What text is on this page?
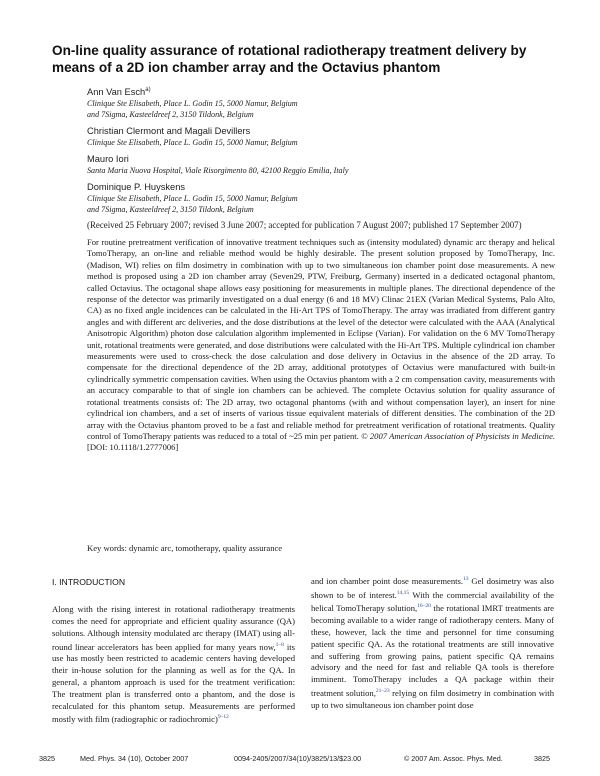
On-line quality assurance of rotational radiotherapy treatment delivery by means of a 2D ion chamber array and the Octavius phantom
Ann Van Esch$^{a)}$
Clinique Ste Elisabeth, Place L. Godin 15, 5000 Namur, Belgium
and 7Sigma, Kasteeldreef 2, 3150 Tildonk, Belgium
Christian Clermont and Magali Devillers
Clinique Ste Elisabeth, Place L. Godin 15, 5000 Namur, Belgium
Mauro Iori
Santa Maria Nuova Hospital, Viale Risorgimento 80, 42100 Reggio Emilia, Italy
Dominique P. Huyskens
Clinique Ste Elisabeth, Place L. Godin 15, 5000 Namur, Belgium
and 7Sigma, Kasteeldreef 2, 3150 Tildonk, Belgium
(Received 25 February 2007; revised 3 June 2007; accepted for publication 7 August 2007; published 17 September 2007)
For routine pretreatment verification of innovative treatment techniques such as (intensity modulated) dynamic arc therapy and helical TomoTherapy, an on-line and reliable method would be highly desirable. The present solution proposed by TomoTherapy, Inc. (Madison, WI) relies on film dosimetry in combination with up to two simultaneous ion chamber point dose measurements. A new method is proposed using a 2D ion chamber array (Seven29, PTW, Freiburg, Germany) inserted in a dedicated octagonal phantom, called Octavius. The octagonal shape allows easy positioning for measurements in multiple planes. The directional dependence of the response of the detector was primarily investigated on a dual energy (6 and 18 MV) Clinac 21EX (Varian Medical Systems, Palo Alto, CA) as no fixed angle incidences can be calculated in the Hi-Art TPS of TomoTherapy. The array was irradiated from different gantry angles and with different arc deliveries, and the dose distributions at the level of the detector were calculated with the AAA (Analytical Anisotropic Algorithm) photon dose calculation algorithm implemented in Eclipse (Varian). For validation on the 6 MV TomoTherapy unit, rotational treatments were generated, and dose distributions were calculated with the Hi-Art TPS. Multiple cylindrical ion chamber measurements were used to cross-check the dose calculation and dose delivery in Octavius in the absence of the 2D array. To compensate for the directional dependence of the 2D array, additional prototypes of Octavius were manufactured with built-in cylindrically symmetric compensation cavities. When using the Octavius phantom with a 2 cm compensation cavity, measurements with an accuracy comparable to that of single ion chambers can be achieved. The complete Octavius solution for quality assurance of rotational treatments consists of: The 2D array, two octagonal phantoms (with and without compensation layer), an insert for nine cylindrical ion chambers, and a set of inserts of various tissue equivalent materials of different densities. The combination of the 2D array with the Octavius phantom proved to be a fast and reliable method for pretreatment verification of rotational treatments. Quality control of TomoTherapy patients was reduced to a total of ~25 min per patient. © 2007 American Association of Physicists in Medicine. [DOI: 10.1118/1.2777006]
Key words: dynamic arc, tomotherapy, quality assurance
I. INTRODUCTION
Along with the rising interest in rotational radiotherapy treatments comes the need for appropriate and efficient quality assurance (QA) solutions. Although intensity modulated arc therapy (IMAT) using all-round linear accelerators has been applied for many years now,$^{1-8}$ its use has mostly been restricted to academic centers having developed their in-house solution for the planning as well as for the QA. In general, a phantom approach is used for the treatment verification: The treatment plan is transferred onto a phantom, and the dose is recalculated for this phantom setup. Measurements are performed mostly with film (radiographic or radiochromic)$^{9-12}$
and ion chamber point dose measurements.$^{13}$ Gel dosimetry was also shown to be of interest.$^{14,15}$ With the commercial availability of the helical TomoTherapy solution,$^{16-20}$ the rotational IMRT treatments are becoming available to a wider range of radiotherapy centers. Many of these, however, lack the time and personnel for time consuming patient specific QA. As the rotational treatments are still innovative and suffering from growing pains, patient specific QA remains advisory and the need for fast and reliable QA tools is therefore imminent. TomoTherapy includes a QA package within their treatment solution,$^{21-23}$ relying on film dosimetry in combination with up to two simultaneous ion chamber point dose
3825	Med. Phys. 34 (10), October 2007	0094-2405/2007/34(10)/3825/13/$23.00	© 2007 Am. Assoc. Phys. Med.	3825
